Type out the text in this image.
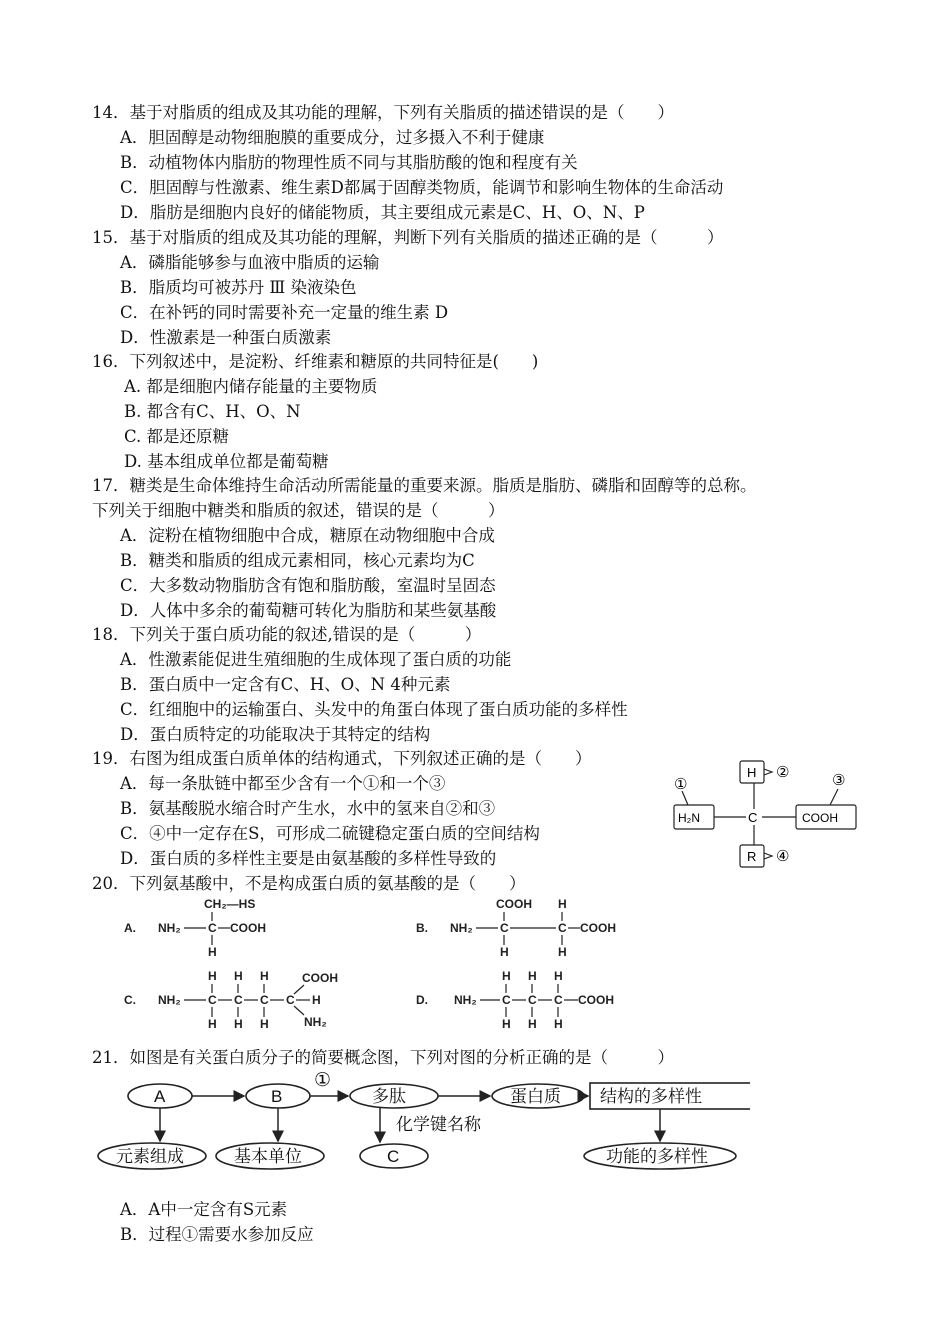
14．基于对脂质的组成及其功能的理解，下列有关脂质的描述错误的是（　　）
A．胆固醇是动物细胞膜的重要成分，过多摄入不利于健康
B．动植物体内脂肪的物理性质不同与其脂肪酸的饱和程度有关
C．胆固醇与性激素、维生素D都属于固醇类物质，能调节和影响生物体的生命活动
D．脂肪是细胞内良好的储能物质，其主要组成元素是C、H、O、N、P
15．基于对脂质的组成及其功能的理解，判断下列有关脂质的描述正确的是（　　　）
A．磷脂能够参与血液中脂质的运输
B．脂质均可被苏丹 Ⅲ 染液染色
C．在补钙的同时需要补充一定量的维生素 D
D．性激素是一种蛋白质激素
16．下列叙述中，是淀粉、纤维素和糖原的共同特征是(　　)
A. 都是细胞内储存能量的主要物质
B. 都含有C、H、O、N
C. 都是还原糖
D. 基本组成单位都是葡萄糖
17．糖类是生命体维持生命活动所需能量的重要来源。脂质是脂肪、磷脂和固醇等的总称。
下列关于细胞中糖类和脂质的叙述，错误的是（　　　）
A．淀粉在植物细胞中合成，糖原在动物细胞中合成
B．糖类和脂质的组成元素相同，核心元素均为C
C．大多数动物脂肪含有饱和脂肪酸，室温时呈固态
D．人体中多余的葡萄糖可转化为脂肪和某些氨基酸
18．下列关于蛋白质功能的叙述,错误的是（　　　）
A．性激素能促进生殖细胞的生成体现了蛋白质的功能
B．蛋白质中一定含有C、H、O、N 4种元素
C．红细胞中的运输蛋白、头发中的角蛋白体现了蛋白质功能的多样性
D．蛋白质特定的功能取决于其特定的结构
19．右图为组成蛋白质单体的结构通式，下列叙述正确的是（　　）
A．每一条肽链中都至少含有一个①和一个③
B．氨基酸脱水缩合时产生水，水中的氢来自②和③
C．④中一定存在S，可形成二硫键稳定蛋白质的空间结构
D．蛋白质的多样性主要是由氨基酸的多样性导致的
H₂N	C
H
COOH
R
①
②	③
④
20．下列氨基酸中，不是构成蛋白质的氨基酸的是（　　）
A. NH₂ C COOH
CH₂—HS
H
B. NH₂ C	C COOH
COOH H
H	H
C. NH₂ C C C C H
COOH
NH₂
H H H
H H H
D. NH₂ C C C COOH
H H H
H H H
21．如图是有关蛋白质分子的简要概念图，下列对图的分析正确的是（　　　）
A	B	多肽	蛋白质 结构的多样性
元素组成	基本单位	C	功能的多样性
化学键名称
①
A．A中一定含有S元素
B．过程①需要水参加反应
